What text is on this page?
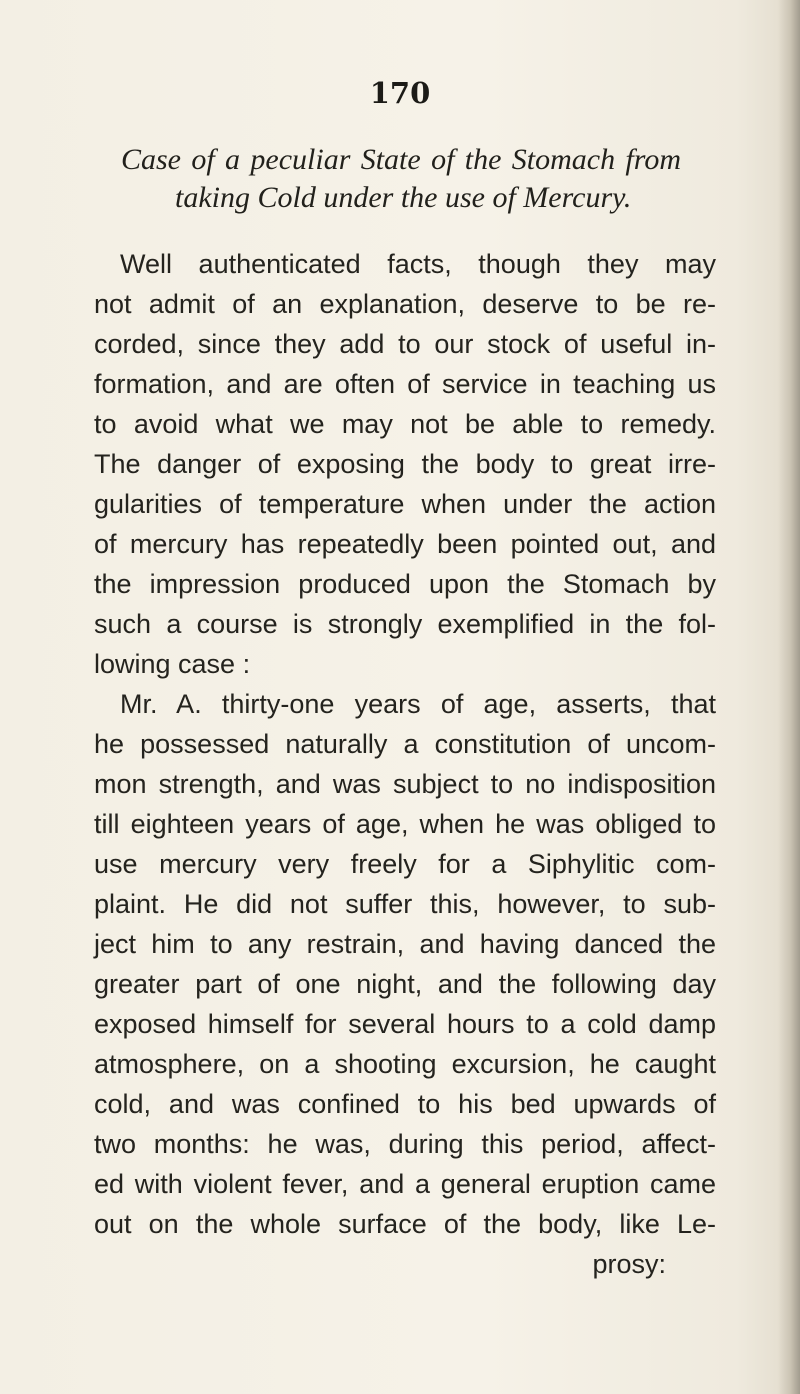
170
Case of a peculiar State of the Stomach from
taking Cold under the use of Mercury.
Well authenticated facts, though they may
not admit of an explanation, deserve to be re-
corded, since they add to our stock of useful in-
formation, and are often of service in teaching us
to avoid what we may not be able to remedy.
The danger of exposing the body to great irre-
gularities of temperature when under the action
of mercury has repeatedly been pointed out, and
the impression produced upon the Stomach by
such a course is strongly exemplified in the fol-
lowing case :
Mr. A. thirty-one years of age, asserts, that
he possessed naturally a constitution of uncom-
mon strength, and was subject to no indisposition
till eighteen years of age, when he was obliged to
use mercury very freely for a Siphylitic com-
plaint. He did not suffer this, however, to sub-
ject him to any restrain, and having danced the
greater part of one night, and the following day
exposed himself for several hours to a cold damp
atmosphere, on a shooting excursion, he caught
cold, and was confined to his bed upwards of
two months: he was, during this period, affect-
ed with violent fever, and a general eruption came
out on the whole surface of the body, like Le-
prosy:
